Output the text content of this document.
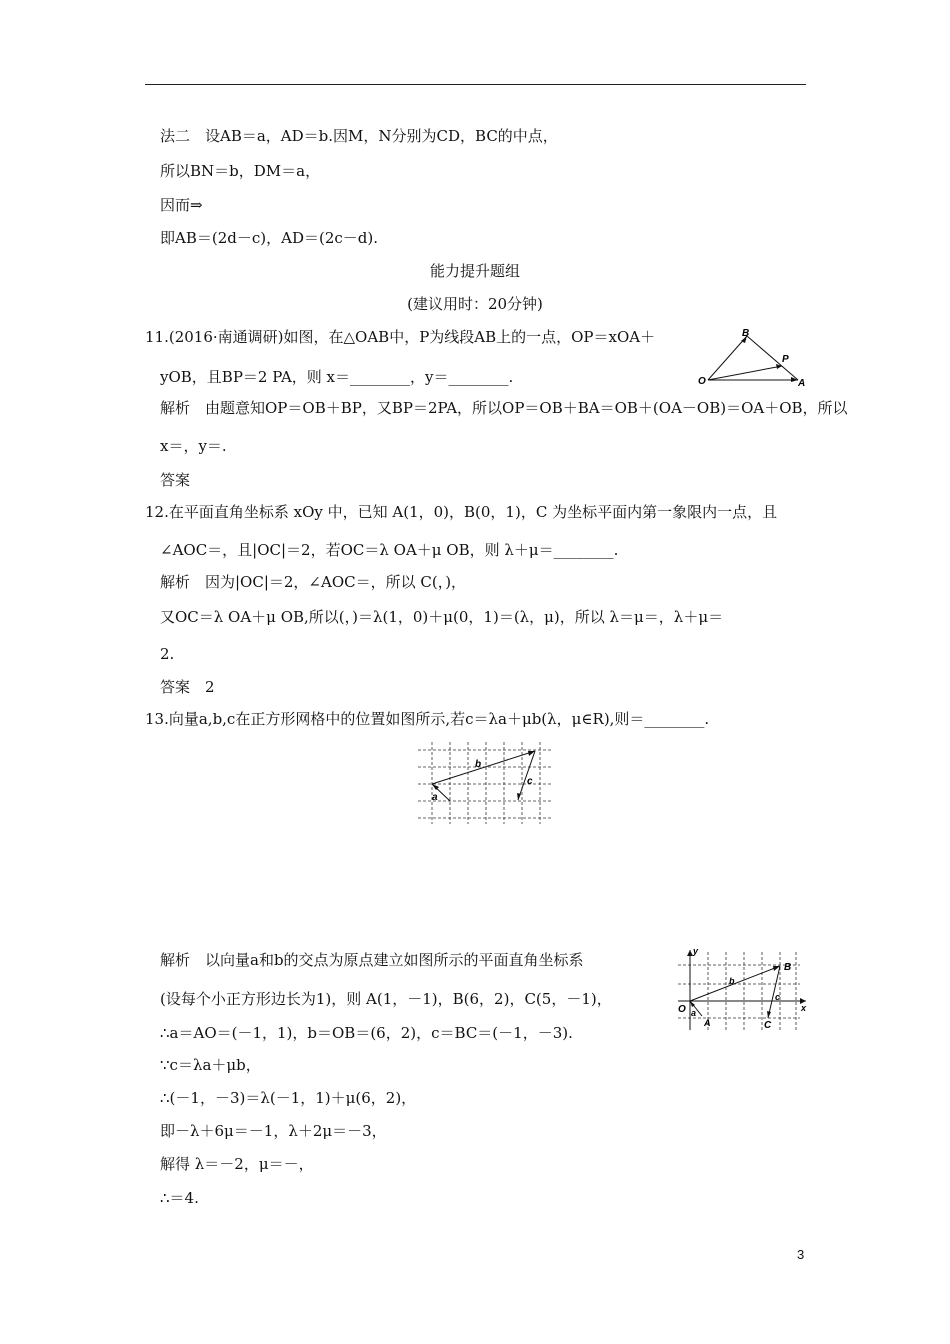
法二　设AB＝a，AD＝b.因M，N分别为CD，BC的中点，
所以BN＝b，DM＝a，
因而⇒
即AB＝(2d－c)，AD＝(2c－d).
能力提升题组
(建议用时：20分钟)
11.(2016·南通调研)如图，在△OAB中，P为线段AB上的一点，OP＝xOA＋
yOB，且BP＝2 PA，则 x＝________，y＝________.
B
P
O	A
解析　由题意知OP＝OB＋BP，又BP＝2PA，所以OP＝OB＋BA＝OB＋(OA－OB)＝OA＋OB，所以
x＝，y＝.
答案
12.在平面直角坐标系 xOy 中，已知 A(1，0)，B(0，1)，C 为坐标平面内第一象限内一点，且
∠AOC＝，且|OC|＝2，若OC＝λ OA＋μ OB，则 λ＋μ＝________.
解析　因为|OC|＝2，∠AOC＝，所以 C(，)，
又OC＝λ OA＋μ OB,所以(，)＝λ(1，0)＋μ(0，1)＝(λ，μ)，所以 λ＝μ＝，λ＋μ＝
2.
答案　2
13.向量a,b,c在正方形网格中的位置如图所示,若c＝λa＋μb(λ，μ∈R),则＝________.
a
b
c
解析　以向量a和b的交点为原点建立如图所示的平面直角坐标系
(设每个小正方形边长为1)，则 A(1，－1)，B(6，2)，C(5，－1)，
∴a＝AO＝(－1，1)，b＝OB＝(6，2)，c＝BC＝(－1，－3).
∵c＝λa＋μb，
∴(－1，－3)＝λ(－1，1)＋μ(6，2)，
即－λ＋6μ＝－1，λ＋2μ＝－3，
解得 λ＝－2，μ＝－，
∴＝4.
y
x
O a
A
b
B
c
C
3
